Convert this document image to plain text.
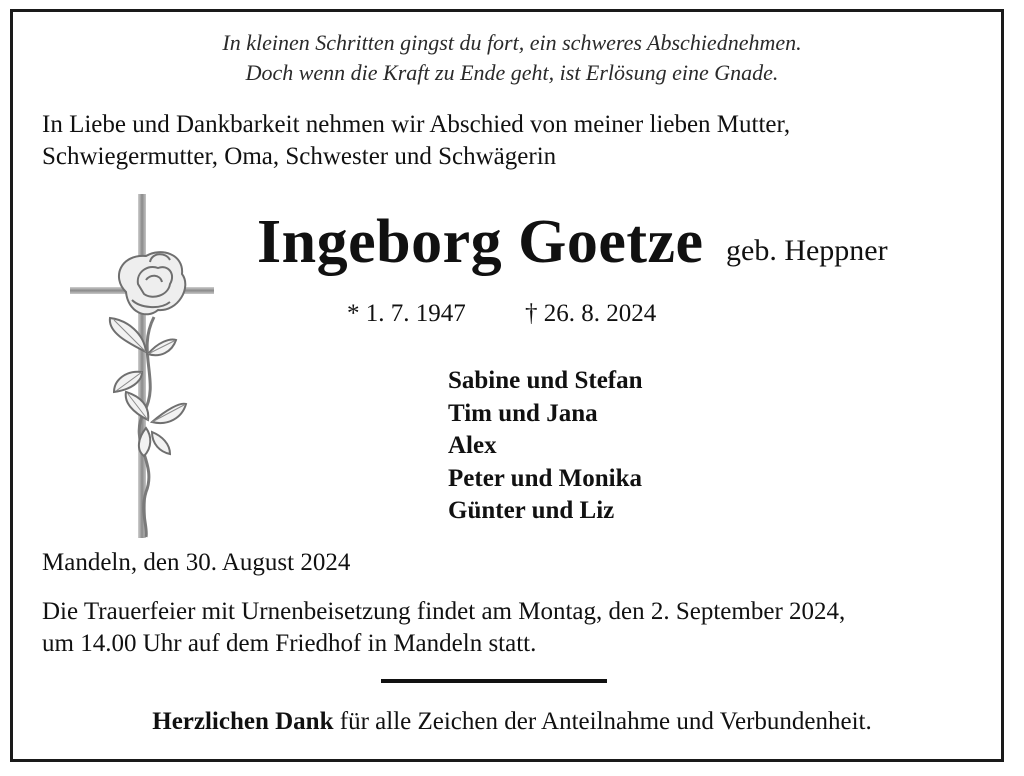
In kleinen Schritten gingst du fort, ein schweres Abschiednehmen.
Doch wenn die Kraft zu Ende geht, ist Erlösung eine Gnade.
In Liebe und Dankbarkeit nehmen wir Abschied von meiner lieben Mutter,
Schwiegermutter, Oma, Schwester und Schwägerin
Ingeborg Goetze geb. Heppner
* 1. 7. 1947 † 26. 8. 2024
Sabine und Stefan
Tim und Jana
Alex
Peter und Monika
Günter und Liz
Mandeln, den 30. August 2024
Die Trauerfeier mit Urnenbeisetzung findet am Montag, den 2. September 2024,
um 14.00 Uhr auf dem Friedhof in Mandeln statt.
Herzlichen Dank für alle Zeichen der Anteilnahme und Verbundenheit.
